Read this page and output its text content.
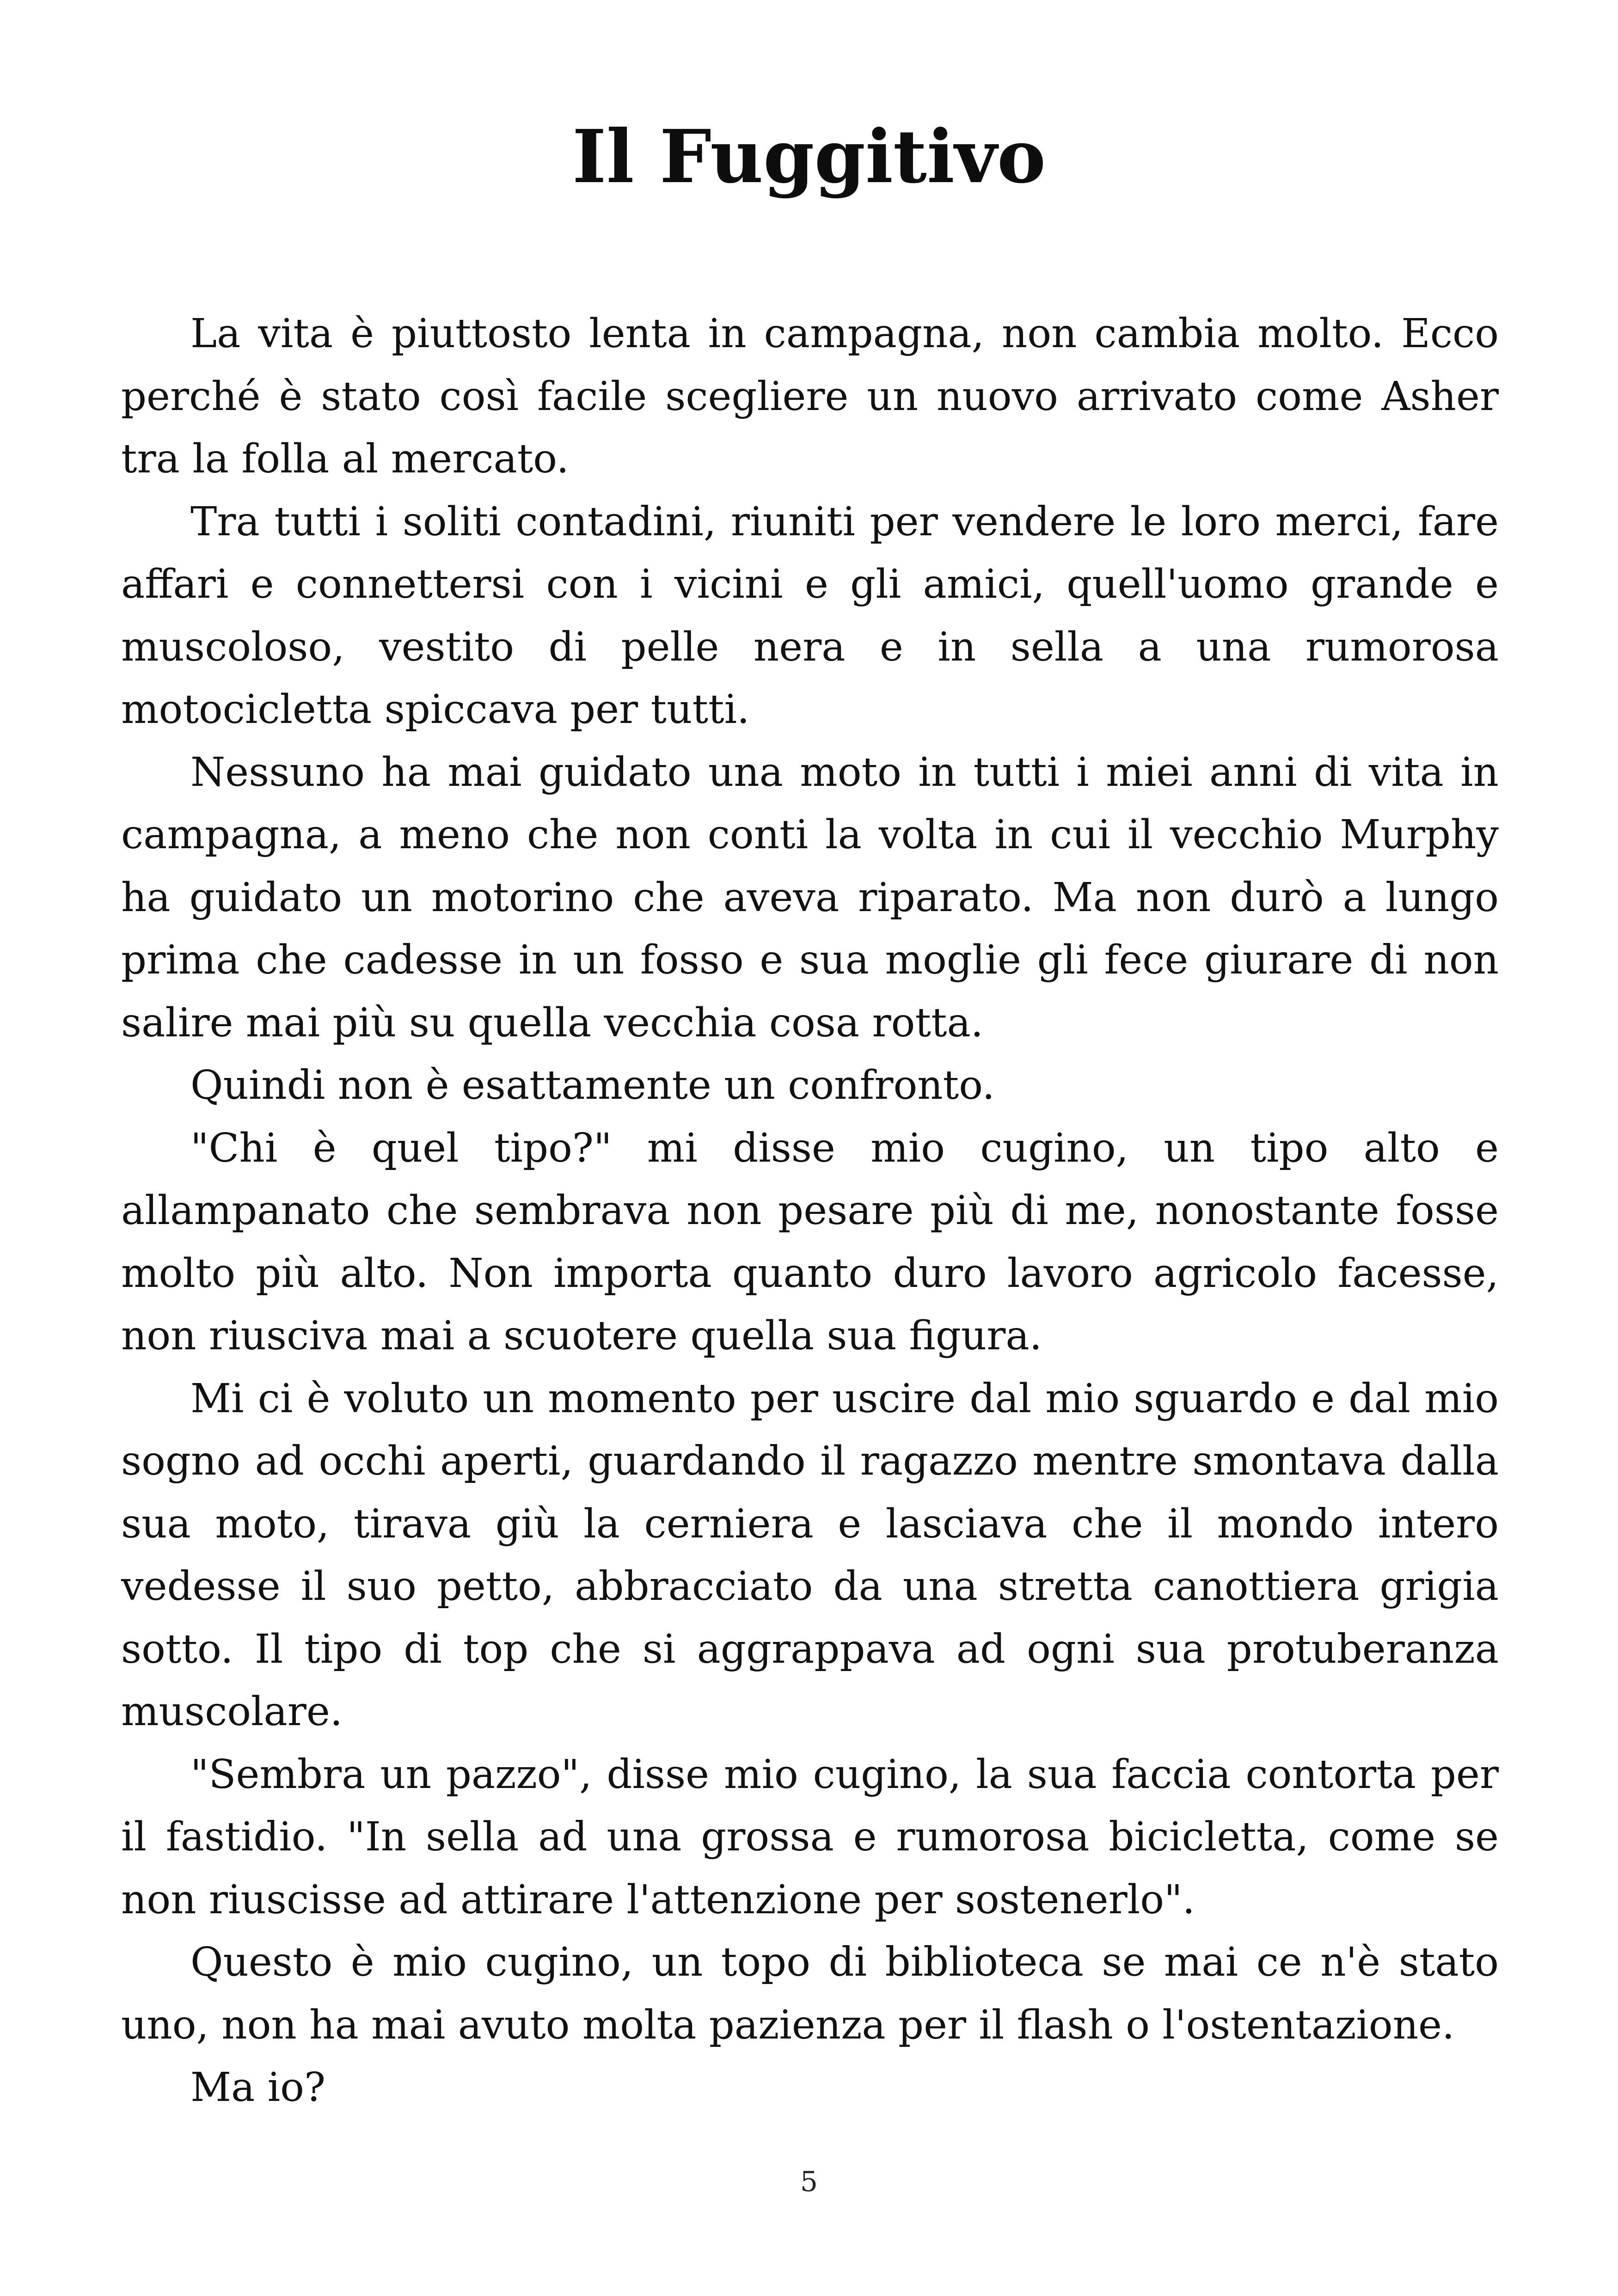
Il Fuggitivo

La vita è piuttosto lenta in campagna, non cambia molto. Ecco perché è stato così facile scegliere un nuovo arrivato come Asher tra la folla al mercato.

Tra tutti i soliti contadini, riuniti per vendere le loro merci, fare affari e connettersi con i vicini e gli amici, quell'uomo grande e muscoloso, vestito di pelle nera e in sella a una rumorosa motocicletta spiccava per tutti.

Nessuno ha mai guidato una moto in tutti i miei anni di vita in campagna, a meno che non conti la volta in cui il vecchio Murphy ha guidato un motorino che aveva riparato. Ma non durò a lungo prima che cadesse in un fosso e sua moglie gli fece giurare di non salire mai più su quella vecchia cosa rotta.

Quindi non è esattamente un confronto.

"Chi è quel tipo?" mi disse mio cugino, un tipo alto e allampanato che sembrava non pesare più di me, nonostante fosse molto più alto. Non importa quanto duro lavoro agricolo facesse, non riusciva mai a scuotere quella sua figura.

Mi ci è voluto un momento per uscire dal mio sguardo e dal mio sogno ad occhi aperti, guardando il ragazzo mentre smontava dalla sua moto, tirava giù la cerniera e lasciava che il mondo intero vedesse il suo petto, abbracciato da una stretta canottiera grigia sotto. Il tipo di top che si aggrappava ad ogni sua protuberanza muscolare.

"Sembra un pazzo", disse mio cugino, la sua faccia contorta per il fastidio. "In sella ad una grossa e rumorosa bicicletta, come se non riuscisse ad attirare l'attenzione per sostenerlo".

Questo è mio cugino, un topo di biblioteca se mai ce n'è stato uno, non ha mai avuto molta pazienza per il flash o l'ostentazione.

Ma io?

5
